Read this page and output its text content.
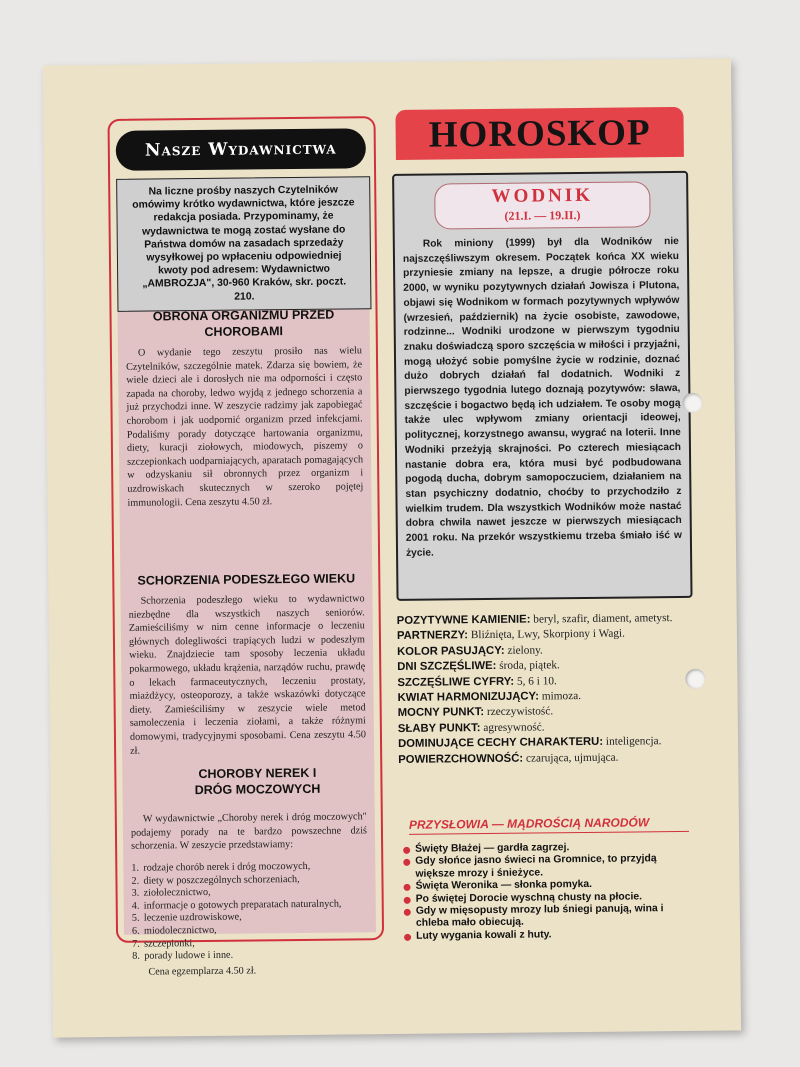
Nasze Wydawnictwa
Na liczne prośby naszych Czytelników omówimy krótko wydawnictwa, które jeszcze redakcja posiada. Przypominamy, że wydawnictwa te mogą zostać wysłane do Państwa domów na zasadach sprzedaży wysyłkowej po wpłaceniu odpowiedniej kwoty pod adresem: Wydawnictwo „AMBROZJA", 30-960 Kraków, skr. poczt. 210.
OBRONA ORGANIZMU PRZED CHOROBAMI
O wydanie tego zeszytu prosiło nas wielu Czytelników, szczególnie matek. Zdarza się bowiem, że wiele dzieci ale i dorosłych nie ma odporności i często zapada na choroby, ledwo wyjdą z jednego schorzenia a już przychodzi inne. W zeszycie radzimy jak zapobiegać chorobom i jak uodpornić organizm przed infekcjami. Podaliśmy porady dotyczące hartowania organizmu, diety, kuracji ziołowych, miodowych, piszemy o szczepionkach uodparniających, aparatach pomagających w odzyskaniu sił obronnych przez organizm i uzdrowiskach skutecznych w szeroko pojętej immunologii. Cena zeszytu 4.50 zł.
SCHORZENIA PODESZŁEGO WIEKU
Schorzenia podeszłego wieku to wydawnictwo niezbędne dla wszystkich naszych seniorów. Zamieściliśmy w nim cenne informacje o leczeniu głównych dolegliwości trapiących ludzi w podeszłym wieku. Znajdziecie tam sposoby leczenia układu pokarmowego, układu krążenia, narządów ruchu, prawdę o lekach farmaceutycznych, leczeniu prostaty, miażdżycy, osteoporozy, a także wskazówki dotyczące diety. Zamieściliśmy w zeszycie wiele metod samoleczenia i leczenia ziołami, a także różnymi domowymi, tradycyjnymi sposobami. Cena zeszytu 4.50 zł.
CHOROBY NEREK I DRÓG MOCZOWYCH
W wydawnictwie „Choroby nerek i dróg moczowych" podajemy porady na te bardzo powszechne dziś schorzenia. W zeszycie przedstawiamy:
1. rodzaje chorób nerek i dróg moczowych,
2. diety w poszczególnych schorzeniach,
3. ziołolecznictwo,
4. informacje o gotowych preparatach naturalnych,
5. leczenie uzdrowiskowe,
6. miodolecznictwo,
7. szczepionki,
8. porady ludowe i inne.
Cena egzemplarza 4.50 zł.
HOROSKOP
WODNIK
(21.I. — 19.II.)
Rok miniony (1999) był dla Wodników nie najszczęśliwszym okresem. Początek końca XX wieku przyniesie zmiany na lepsze, a drugie półrocze roku 2000, w wyniku pozytywnych działań Jowisza i Plutona, objawi się Wodnikom w formach pozytywnych wpływów (wrzesień, październik) na życie osobiste, zawodowe, rodzinne... Wodniki urodzone w pierwszym tygodniu znaku doświadczą sporo szczęścia w miłości i przyjaźni, mogą ułożyć sobie pomyślne życie w rodzinie, doznać dużo dobrych działań fal dodatnich. Wodniki z pierwszego tygodnia lutego doznają pozytywów: sława, szczęście i bogactwo będą ich udziałem. Te osoby mogą także ulec wpływom zmiany orientacji ideowej, politycznej, korzystnego awansu, wygrać na loterii. Inne Wodniki przeżyją skrajności. Po czterech miesiącach nastanie dobra era, która musi być podbudowana pogodą ducha, dobrym samopoczuciem, działaniem na stan psychiczny dodatnio, choćby to przychodziło z wielkim trudem. Dla wszystkich Wodników może nastać dobra chwila nawet jeszcze w pierwszych miesiącach 2001 roku. Na przekór wszystkiemu trzeba śmiało iść w życie.

POZYTYWNE KAMIENIE: beryl, szafir, diament, ametyst.

PARTNERZY: Bliźnięta, Lwy, Skorpiony i Wagi.

KOLOR PASUJĄCY: zielony.

DNI SZCZĘŚLIWE: środa, piątek.

SZCZĘŚLIWE CYFRY: 5, 6 i 10.

KWIAT HARMONIZUJĄCY: mimoza.

MOCNY PUNKT: rzeczywistość.

SŁABY PUNKT: agresywność.

DOMINUJĄCE CECHY CHARAKTERU: inteligencja.

POWIERZCHOWNOŚĆ: czarująca, ujmująca.

PRZYSŁOWIA — MĄDROŚCIĄ NARODÓW
Święty Błażej — gardła zagrzej.
Gdy słońce jasno świeci na Gromnice, to przyjdą większe mrozy i śnieżyce.
Święta Weronika — słonka pomyka.
Po świętej Dorocie wyschną chusty na płocie.
Gdy w mięsopusty mrozy lub śniegi panują, wina i chleba mało obiecują.
Luty wygania kowali z huty.
